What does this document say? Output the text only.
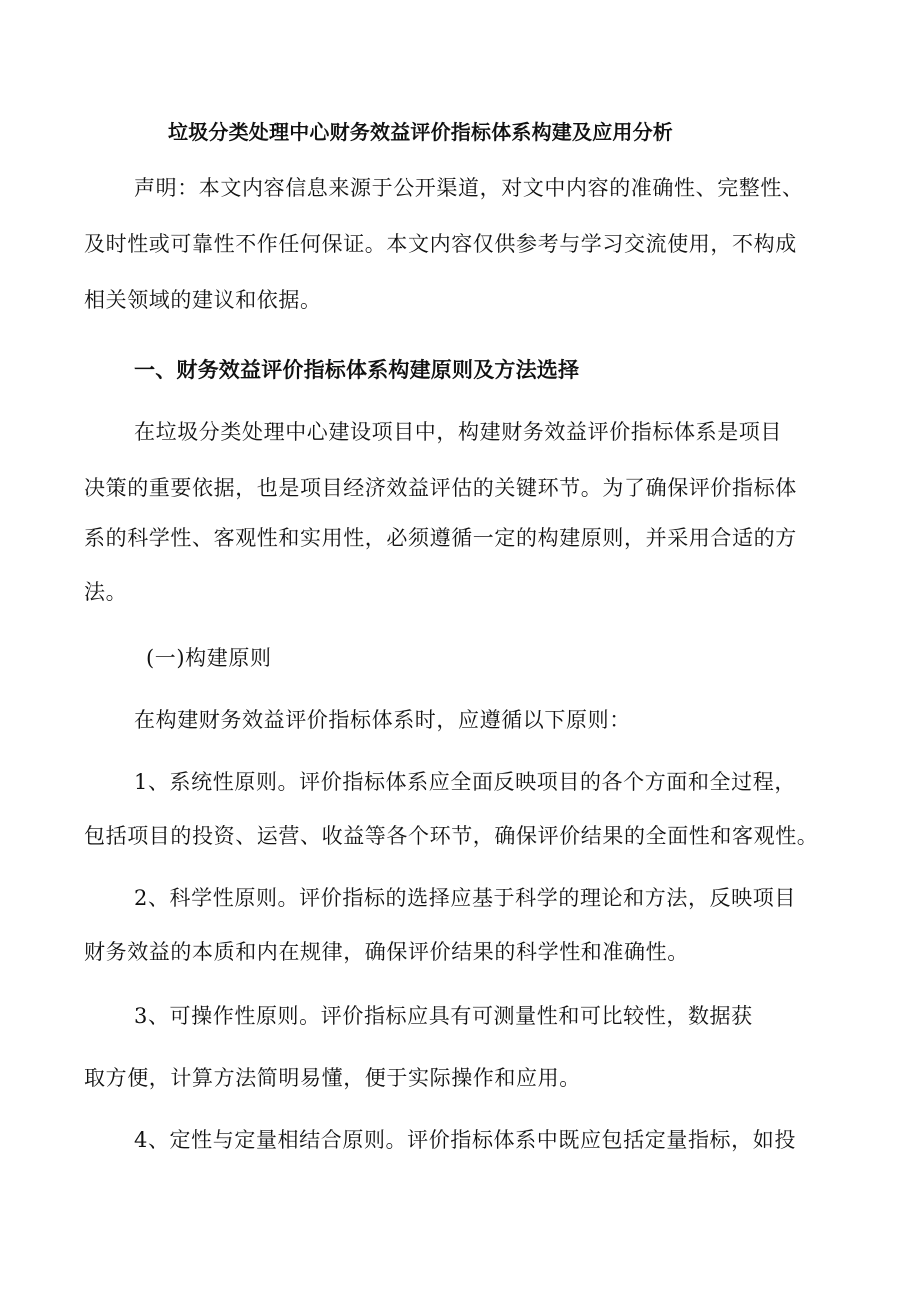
垃圾分类处理中心财务效益评价指标体系构建及应用分析
声明：本文内容信息来源于公开渠道，对文中内容的准确性、完整性、
及时性或可靠性不作任何保证。本文内容仅供参考与学习交流使用，不构成
相关领域的建议和依据。
一、财务效益评价指标体系构建原则及方法选择
在垃圾分类处理中心建设项目中，构建财务效益评价指标体系是项目
决策的重要依据，也是项目经济效益评估的关键环节。为了确保评价指标体
系的科学性、客观性和实用性，必须遵循一定的构建原则，并采用合适的方
法。
(一)构建原则
在构建财务效益评价指标体系时，应遵循以下原则：
1、系统性原则。评价指标体系应全面反映项目的各个方面和全过程，
包括项目的投资、运营、收益等各个环节，确保评价结果的全面性和客观性。
2、科学性原则。评价指标的选择应基于科学的理论和方法，反映项目
财务效益的本质和内在规律，确保评价结果的科学性和准确性。
3、可操作性原则。评价指标应具有可测量性和可比较性，数据获
取方便，计算方法简明易懂，便于实际操作和应用。
4、定性与定量相结合原则。评价指标体系中既应包括定量指标，如投
